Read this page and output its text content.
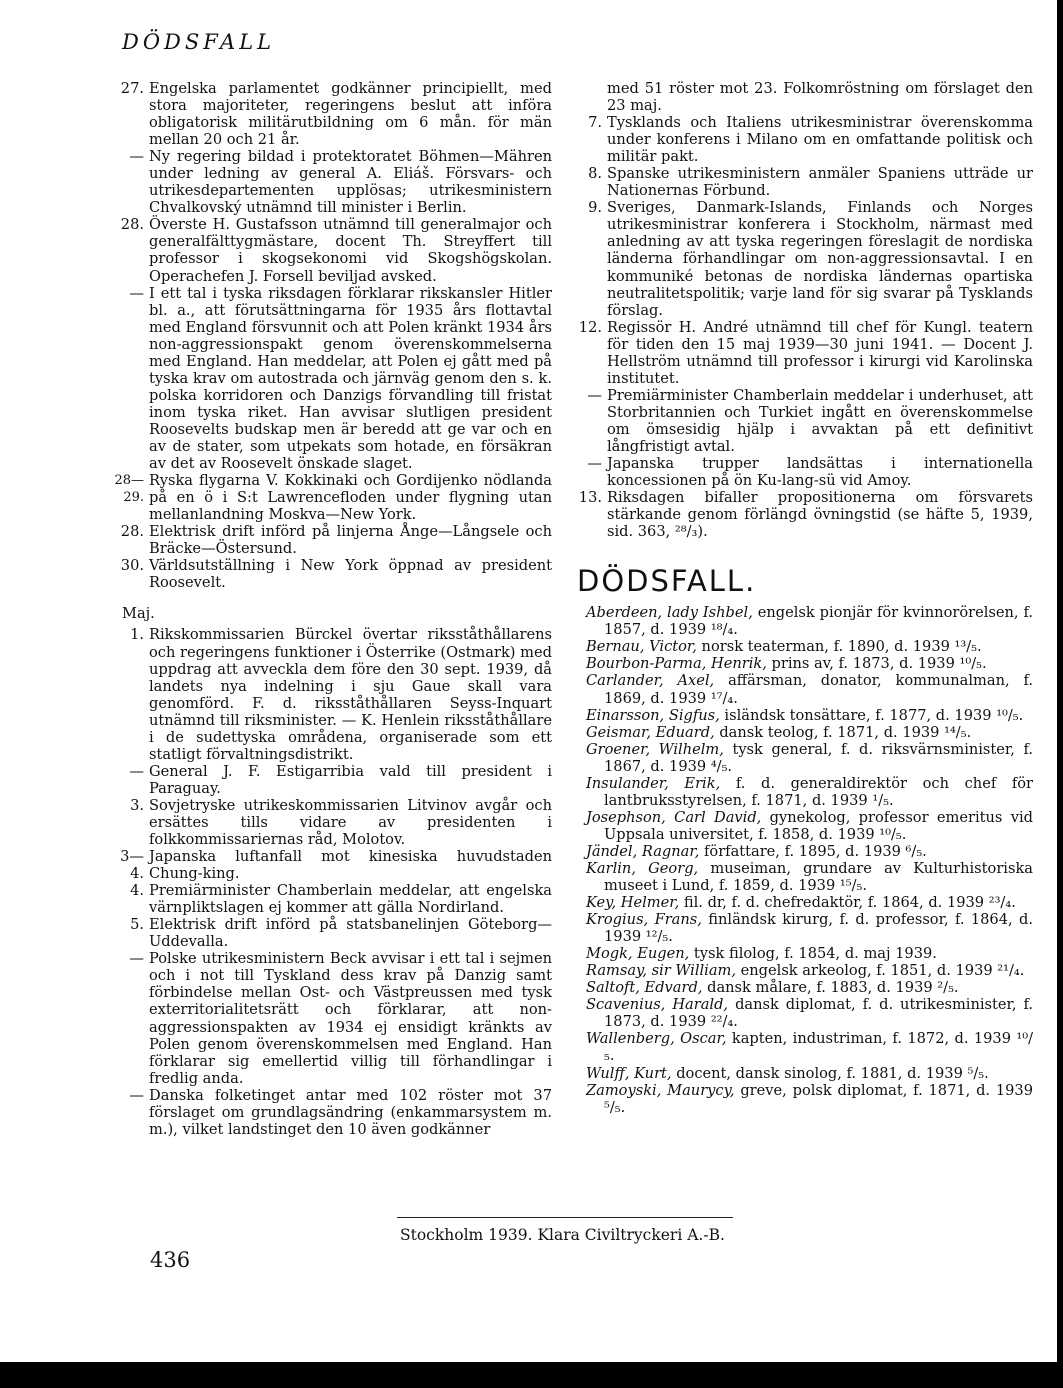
DÖDSFALL
27. Engelska parlamentet godkänner principiellt, med stora majoriteter, regeringens beslut att införa obligatorisk militärutbildning om 6 mån. för män mellan 20 och 21 år.
— Ny regering bildad i protektoratet Böhmen—Mähren under ledning av general A. Eliáš. Försvars- och utrikesdepartementen upplösas; utrikesministern Chvalkovský utnämnd till minister i Berlin.
28. Överste H. Gustafsson utnämnd till generalmajor och generalfälttygmästare, docent Th. Streyffert till professor i skogsekonomi vid Skogshögskolan. Operachefen J. Forsell beviljad avsked.
— I ett tal i tyska riksdagen förklarar rikskansler Hitler bl. a., att förutsättningarna för 1935 års flottavtal med England försvunnit och att Polen kränkt 1934 års non-aggressionspakt genom överenskommelserna med England. Han meddelar, att Polen ej gått med på tyska krav om autostrada och järnväg genom den s. k. polska korridoren och Danzigs förvandling till fristat inom tyska riket. Han avvisar slutligen president Roosevelts budskap men är beredd att ge var och en av de stater, som utpekats som hotade, en försäkran av det av Roosevelt önskade slaget.
28—29.
Ryska flygarna V. Kokkinaki och Gordijenko nödlanda på en ö i S:t Lawrencefloden under flygning utan mellanlandning Moskva—New York.
28. Elektrisk drift införd på linjerna Ånge—Långsele och Bräcke—Östersund.
30. Världsutställning i New York öppnad av president Roosevelt.
Maj.
1. Rikskommissarien Bürckel övertar riksståthållarens och regeringens funktioner i Österrike (Ostmark) med uppdrag att avveckla dem före den 30 sept. 1939, då landets nya indelning i sju Gaue skall vara genomförd. F. d. riksståthållaren Seyss-Inquart utnämnd till riksminister. — K. Henlein riksståthållare i de sudettyska områdena, organiserade som ett statligt förvaltningsdistrikt.
— General J. F. Estigarribia vald till president i Paraguay.
3. Sovjetryske utrikeskommissarien Litvinov avgår och ersättes tills vidare av presidenten i folkkommissariernas råd, Molotov.
3—4.
Japanska luftanfall mot kinesiska huvudstaden Chung-king.
4. Premiärminister Chamberlain meddelar, att engelska värnpliktslagen ej kommer att gälla Nordirland.
5. Elektrisk drift införd på statsbanelinjen Göteborg—Uddevalla.
— Polske utrikesministern Beck avvisar i ett tal i sejmen och i not till Tyskland dess krav på Danzig samt förbindelse mellan Ost- och Västpreussen med tysk exterritorialitetsrätt och förklarar, att non-aggressionspakten av 1934 ej ensidigt kränkts av Polen genom överenskommelsen med England. Han förklarar sig emellertid villig till förhandlingar i fredlig anda.
— Danska folketinget antar med 102 röster mot 37 förslaget om grundlagsändring (enkammarsystem m. m.), vilket landstinget den 10 även godkänner
med 51 röster mot 23. Folkomröstning om förslaget den 23 maj.
7. Tysklands och Italiens utrikesministrar överenskomma under konferens i Milano om en omfattande politisk och militär pakt.
8. Spanske utrikesministern anmäler Spaniens utträde ur Nationernas Förbund.
9. Sveriges, Danmark-Islands, Finlands och Norges utrikesministrar konferera i Stockholm, närmast med anledning av att tyska regeringen föreslagit de nordiska länderna förhandlingar om non-aggressionsavtal. I en kommuniké betonas de nordiska ländernas opartiska neutralitetspolitik; varje land för sig svarar på Tysklands förslag.
12. Regissör H. André utnämnd till chef för Kungl. teatern för tiden den 15 maj 1939—30 juni 1941. — Docent J. Hellström utnämnd till professor i kirurgi vid Karolinska institutet.
— Premiärminister Chamberlain meddelar i underhuset, att Storbritannien och Turkiet ingått en överenskommelse om ömsesidig hjälp i avvaktan på ett definitivt långfristigt avtal.
— Japanska trupper landsättas i internationella koncessionen på ön Ku-lang-sü vid Amoy.
13. Riksdagen bifaller propositionerna om försvarets stärkande genom förlängd övningstid (se häfte 5, 1939, sid. 363, ²⁸/₃).
DÖDSFALL.
Aberdeen, lady Ishbel, engelsk pionjär för kvinnorörelsen, f. 1857, d. 1939 ¹⁸/₄.
Bernau, Victor, norsk teaterman, f. 1890, d. 1939 ¹³/₅.
Bourbon-Parma, Henrik, prins av, f. 1873, d. 1939 ¹⁰/₅.
Carlander, Axel, affärsman, donator, kommunalman, f. 1869, d. 1939 ¹⁷/₄.
Einarsson, Sigfus, isländsk tonsättare, f. 1877, d. 1939 ¹⁰/₅.
Geismar, Eduard, dansk teolog, f. 1871, d. 1939 ¹⁴/₅.
Groener, Wilhelm, tysk general, f. d. riksvärnsminister, f. 1867, d. 1939 ⁴/₅.
Insulander, Erik, f. d. generaldirektör och chef för lantbruksstyrelsen, f. 1871, d. 1939 ¹/₅.
Josephson, Carl David, gynekolog, professor emeritus vid Uppsala universitet, f. 1858, d. 1939 ¹⁰/₅.
Jändel, Ragnar, författare, f. 1895, d. 1939 ⁶/₅.
Karlin, Georg, museiman, grundare av Kulturhistoriska museet i Lund, f. 1859, d. 1939 ¹⁵/₅.
Key, Helmer, fil. dr, f. d. chefredaktör, f. 1864, d. 1939 ²³/₄.
Krogius, Frans, finländsk kirurg, f. d. professor, f. 1864, d. 1939 ¹²/₅.
Mogk, Eugen, tysk filolog, f. 1854, d. maj 1939.
Ramsay, sir William, engelsk arkeolog, f. 1851, d. 1939 ²¹/₄.
Saltoft, Edvard, dansk målare, f. 1883, d. 1939 ²/₅.
Scavenius, Harald, dansk diplomat, f. d. utrikesminister, f. 1873, d. 1939 ²²/₄.
Wallenberg, Oscar, kapten, industriman, f. 1872, d. 1939 ¹⁰/₅.
Wulff, Kurt, docent, dansk sinolog, f. 1881, d. 1939 ⁵/₅.
Zamoyski, Maurycy, greve, polsk diplomat, f. 1871, d. 1939 ⁵/₅.
Stockholm 1939. Klara Civiltryckeri A.-B.
436
